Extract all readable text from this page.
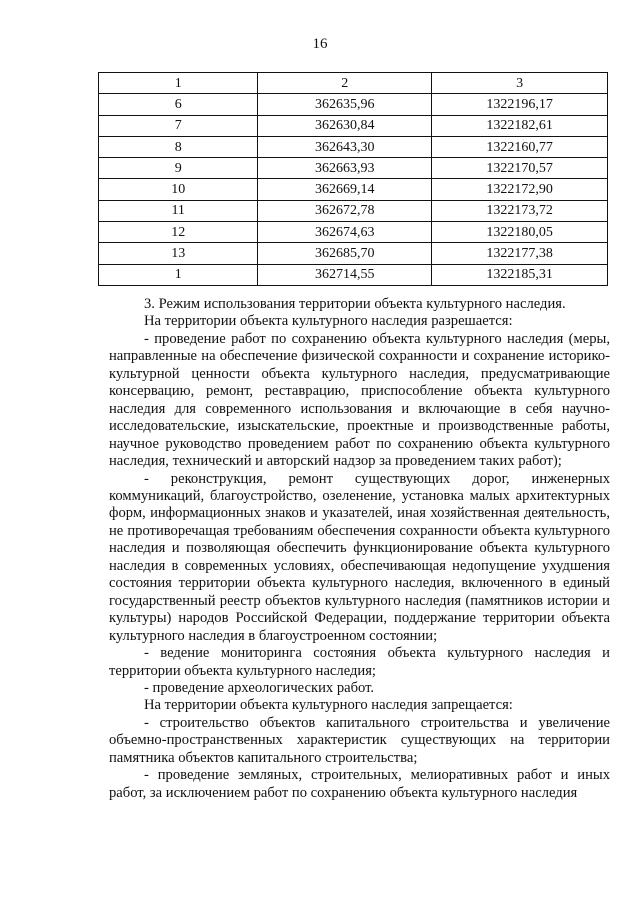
16
1	2	3
6	362635,96	1322196,17
7	362630,84	1322182,61
8	362643,30	1322160,77
9	362663,93	1322170,57
10	362669,14	1322172,90
11	362672,78	1322173,72
12	362674,63	1322180,05
13	362685,70	1322177,38
1	362714,55	1322185,31

3. Режим использования территории объекта культурного наследия.

На территории объекта культурного наследия разрешается:

- проведение работ по сохранению объекта культурного наследия (меры, направленные на обеспечение физической сохранности и сохранение историко-культурной ценности объекта культурного наследия, предусматривающие консервацию, ремонт, реставрацию, приспособление объекта культурного наследия для современного использования и включающие в себя научно-исследовательские, изыскательские, проектные и производственные работы, научное руководство проведением работ по сохранению объекта культурного наследия, технический и авторский надзор за проведением таких работ);

- реконструкция, ремонт существующих дорог, инженерных коммуникаций, благоустройство, озеленение, установка малых архитектурных форм, информационных знаков и указателей, иная хозяйственная деятельность, не противоречащая требованиям обеспечения сохранности объекта культурного наследия и позволяющая обеспечить функционирование объекта культурного наследия в современных условиях, обеспечивающая недопущение ухудшения состояния территории объекта культурного наследия, включенного в единый государственный реестр объектов культурного наследия (памятников истории и культуры) народов Российской Федерации, поддержание территории объекта культурного наследия в благоустроенном состоянии;

- ведение мониторинга состояния объекта культурного наследия и территории объекта культурного наследия;

- проведение археологических работ.

На территории объекта культурного наследия запрещается:

- строительство объектов капитального строительства и увеличение объемно-пространственных характеристик существующих на территории памятника объектов капитального строительства;

- проведение земляных, строительных, мелиоративных работ и иных работ, за исключением работ по сохранению объекта культурного наследия
